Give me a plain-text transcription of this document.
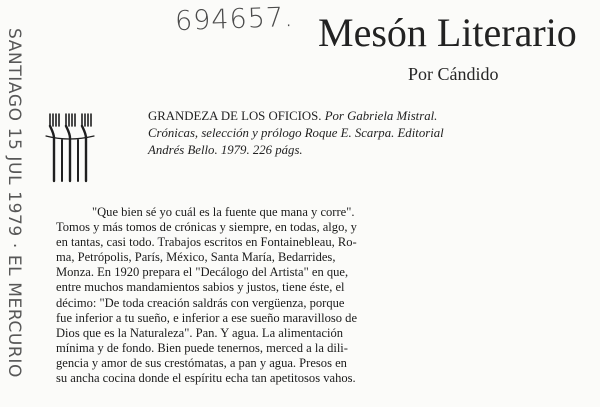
SANTIAGO 15 JUL 1979 · EL MERCURIO
694657. Mesón Literario
Por Cándido
GRANDEZA DE LOS OFICIOS. Por Gabriela Mistral. Crónicas, selección y prólogo Roque E. Scarpa. Editorial Andrés Bello. 1979. 226 págs.
"Que bien sé yo cuál es la fuente que mana y corre".
Tomos y más tomos de crónicas y siempre, en todas, algo, y
en tantas, casi todo. Trabajos escritos en Fontainebleau, Ro-
ma, Petrópolis, París, México, Santa María, Bedarrides,
Monza. En 1920 prepara el "Decálogo del Artista" en que,
entre muchos mandamientos sabios y justos, tiene éste, el
décimo: "De toda creación saldrás con vergüenza, porque
fue inferior a tu sueño, e inferior a ese sueño maravilloso de
Dios que es la Naturaleza". Pan. Y agua. La alimentación
mínima y de fondo. Bien puede tenernos, merced a la dili-
gencia y amor de sus crestómatas, a pan y agua. Presos en
su ancha cocina donde el espíritu echa tan apetitosos vahos.
